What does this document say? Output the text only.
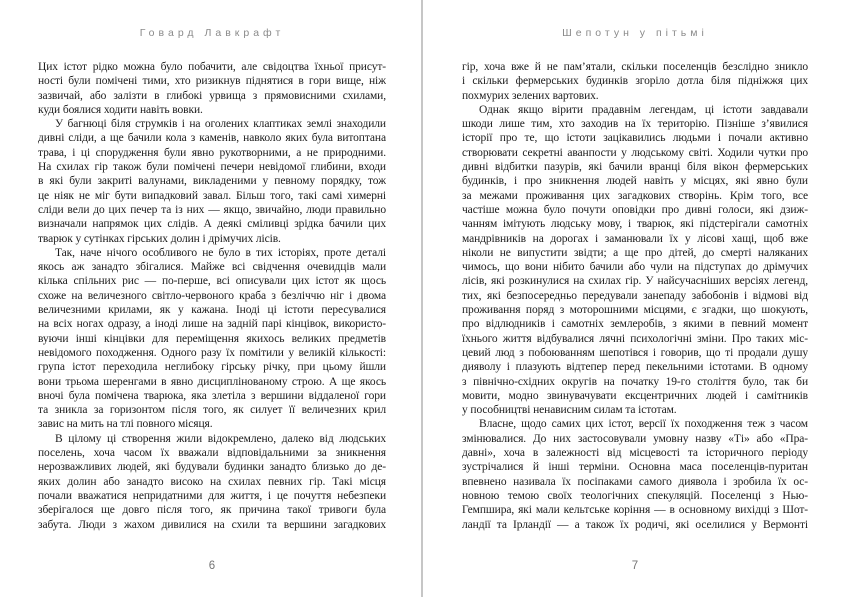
Говард Лавкрафт
Цих істот рідко можна було побачити, але свідоцтва їхньої присут-
ності були помічені тими, хто ризикнув піднятися в гори вище, ніж
зазвичай, або залізти в глибокі урвища з прямовисними схилами,
куди боялися ходити навіть вовки.
У багнюці біля струмків і на оголених клаптиках землі знаходили
дивні сліди, а ще бачили кола з каменів, навколо яких була витоптана
трава, і ці спорудження були явно рукотворними, а не природними.
На схилах гір також були помічені печери невідомої глибини, входи
в які були закриті валунами, викладеними у певному порядку, тож
це ніяк не міг бути випадковий завал. Більш того, такі самі химерні
сліди вели до цих печер та із них — якщо, звичайно, люди правильно
визначали напрямок цих слідів. А деякі сміливці зрідка бачили цих
тварюк у сутінках гірських долин і дрімучих лісів.
Так, наче нічого особливого не було в тих історіях, проте деталі
якось аж занадто збігалися. Майже всі свідчення очевидців мали
кілька спільних рис — по-перше, всі описували цих істот як щось
схоже на величезного світло-червоного краба з безліччю ніг і двома
величезними крилами, як у кажана. Іноді ці істоти пересувалися
на всіх ногах одразу, а іноді лише на задній парі кінцівок, використо-
вуючи інші кінцівки для переміщення якихось великих предметів
невідомого походження. Одного разу їх помітили у великій кількості:
група істот переходила неглибоку гірську річку, при цьому йшли
вони трьома шеренгами в явно дисциплінованому строю. А ще якось
вночі була помічена тварюка, яка злетіла з вершини віддаленої гори
та зникла за горизонтом після того, як силует її величезних крил
завис на мить на тлі повного місяця.
В цілому ці створення жили відокремлено, далеко від людських
поселень, хоча часом їх вважали відповідальними за зникнення
нерозважливих людей, які будували будинки занадто близько до де-
яких долин або занадто високо на схилах певних гір. Такі місця
почали вважатися непридатними для життя, і це почуття небезпеки
зберігалося ще довго після того, як причина такої тривоги була
забута. Люди з жахом дивилися на схили та вершини загадкових
6
Шепотун у пітьмі
гір, хоча вже й не пам’ятали, скільки поселенців безслідно зникло
і скільки фермерських будинків згоріло дотла біля підніжжя цих
похмурих зелених вартових.
Однак якщо вірити прадавнім легендам, ці істоти завдавали
шкоди лише тим, хто заходив на їх територію. Пізніше з’явилися
історії про те, що істоти зацікавились людьми і почали активно
створювати секретні аванпости у людському світі. Ходили чутки про
дивні відбитки пазурів, які бачили вранці біля вікон фермерських
будинків, і про зникнення людей навіть у місцях, які явно були
за межами проживання цих загадкових створінь. Крім того, все
частіше можна було почути оповідки про дивні голоси, які дзиж-
чанням імітують людську мову, і тварюк, які підстерігали самотніх
мандрівників на дорогах і заманювали їх у лісові хащі, щоб вже
ніколи не випустити звідти; а ще про дітей, до смерті наляканих
чимось, що вони нібито бачили або чули на підступах до дрімучих
лісів, які розкинулися на схилах гір. У найсучасніших версіях легенд,
тих, які безпосередньо передували занепаду забобонів і відмові від
проживання поряд з моторошними місцями, є згадки, що шокують,
про відлюдників і самотніх землеробів, з якими в певний момент
їхнього життя відбувалися лячні психологічні зміни. Про таких міс-
цевий люд з побоюванням шепотівся і говорив, що ті продали душу
дияволу і плазують відтепер перед пекельними істотами. В одному
з північно-східних округів на початку 19-го століття було, так би
мовити, модно звинувачувати ексцентричних людей і самітників
у пособництві ненависним силам та істотам.
Власне, щодо самих цих істот, версії їх походження теж з часом
змінювалися. До них застосовували умовну назву «Ті» або «Пра-
давні», хоча в залежності від місцевості та історичного періоду
зустрічалися й інші терміни. Основна маса поселенців-пуритан
впевнено називала їх посіпаками самого диявола і зробила їх ос-
новною темою своїх теологічних спекуляцій. Поселенці з Нью-
Гемпшира, які мали кельтське коріння — в основному вихідці з Шот-
ландії та Ірландії — а також їх родичі, які оселилися у Вермонті
7
